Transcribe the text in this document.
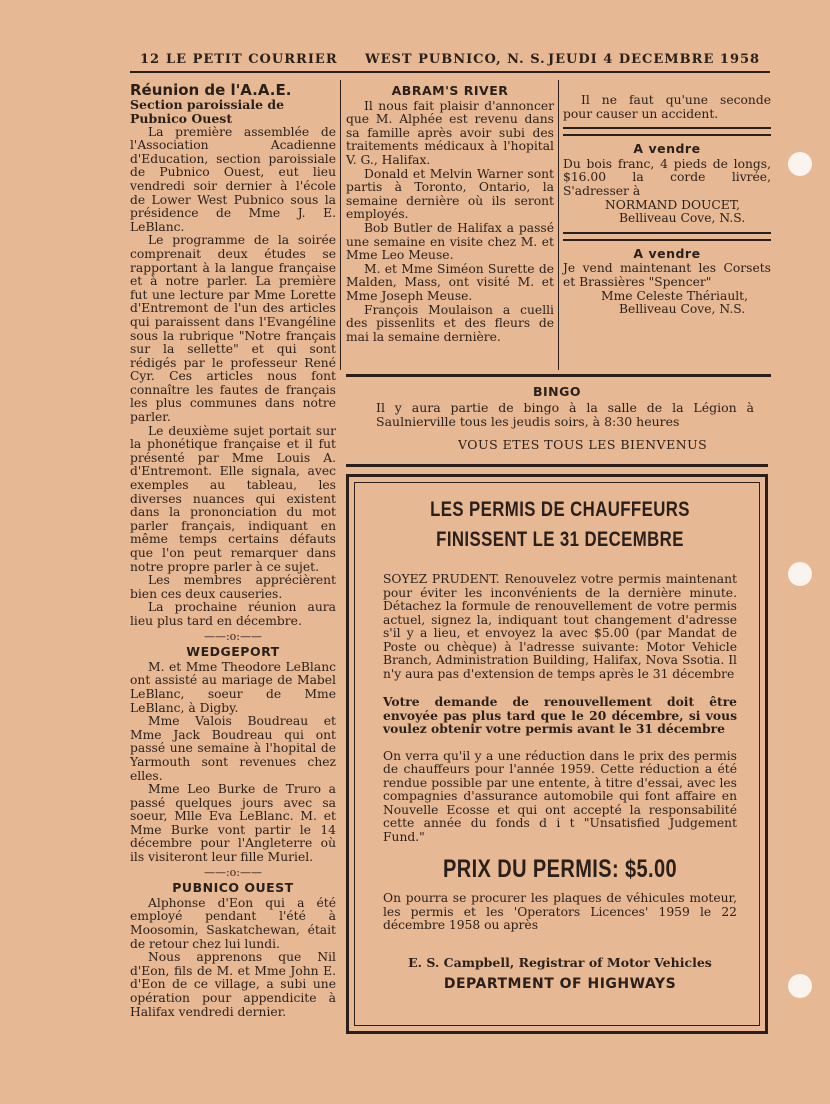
12 LE PETIT COURRIER WEST PUBNICO, N. S. JEUDI 4 DECEMBRE 1958
Réunion de l'A.A.E.
Section paroissiale de Pubnico Ouest

La première assemblée de l'Association Acadienne d'Education, section paroissiale de Pubnico Ouest, eut lieu vendredi soir dernier à l'école de Lower West Pubnico sous la présidence de Mme J. E. LeBlanc.

Le programme de la soirée comprenait deux études se rapportant à la langue française et à notre parler. La première fut une lecture par Mme Lorette d'Entremont de l'un des articles qui paraissent dans l'Evangéline sous la rubrique "Notre français sur la sellette" et qui sont rédigés par le professeur René Cyr. Ces articles nous font connaître les fautes de français les plus communes dans notre parler.

Le deuxième sujet portait sur la phonétique française et il fut présenté par Mme Louis A. d'Entremont. Elle signala, avec exemples au tableau, les diverses nuances qui existent dans la prononciation du mot parler français, indiquant en même temps certains défauts que l'on peut remarquer dans notre propre parler à ce sujet.

Les membres apprécièrent bien ces deux causeries.

La prochaine réunion aura lieu plus tard en décembre.

——:o:——
WEDGEPORT

M. et Mme Theodore LeBlanc ont assisté au mariage de Mabel LeBlanc, soeur de Mme LeBlanc, à Digby.

Mme Valois Boudreau et Mme Jack Boudreau qui ont passé une semaine à l'hopital de Yarmouth sont revenues chez elles.

Mme Leo Burke de Truro a passé quelques jours avec sa soeur, Mlle Eva LeBlanc. M. et Mme Burke vont partir le 14 décembre pour l'Angleterre où ils visiteront leur fille Muriel.

——:o:——
PUBNICO OUEST

Alphonse d'Eon qui a été employé pendant l'été à Moosomin, Saskatchewan, était de retour chez lui lundi.

Nous apprenons que Nil d'Eon, fils de M. et Mme John E. d'Eon de ce village, a subi une opération pour appendicite à Halifax vendredi dernier.

ABRAM'S RIVER

Il nous fait plaisir d'annoncer que M. Alphée est revenu dans sa famille après avoir subi des traitements médicaux à l'hopital V. G., Halifax.

Donald et Melvin Warner sont partis à Toronto, Ontario, la semaine dernière où ils seront employés.

Bob Butler de Halifax a passé une semaine en visite chez M. et Mme Leo Meuse.

M. et Mme Siméon Surette de Malden, Mass, ont visité M. et Mme Joseph Meuse.

François Moulaison a cuelli des pissenlits et des fleurs de mai la semaine dernière.

Il ne faut qu'une seconde pour causer un accident.

A vendre

Du bois franc, 4 pieds de longs, $16.00 la corde livrée, S'adresser à

NORMAND DOUCET,
Belliveau Cove, N.S.
A vendre

Je vend maintenant les Corsets et Brassières "Spencer"

Mme Celeste Thériault,
Belliveau Cove, N.S.
BINGO
Il y aura partie de bingo à la salle de la Légion à Saulnierville tous les jeudis soirs, à 8:30 heures
VOUS ETES TOUS LES BIENVENUS
LES PERMIS DE CHAUFFEURS
FINISSENT LE 31 DECEMBRE

SOYEZ PRUDENT. Renouvelez votre permis maintenant pour éviter les inconvénients de la dernière minute. Détachez la formule de renouvellement de votre permis actuel, signez la, indiquant tout changement d'adresse s'il y a lieu, et envoyez la avec $5.00 (par Mandat de Poste ou chèque) à l'adresse suivante: Motor Vehicle Branch, Administration Building, Halifax, Nova Ssotia. Il n'y aura pas d'extension de temps après le 31 décembre

Votre demande de renouvellement doit être envoyée pas plus tard que le 20 décembre, si vous voulez obtenir votre permis avant le 31 décembre

On verra qu'il y a une réduction dans le prix des permis de chauffeurs pour l'année 1959. Cette réduction a été rendue possible par une entente, à titre d'essai, avec les compagnies d'assurance automobile qui font affaire en Nouvelle Ecosse et qui ont accepté la responsabilité cette année du fonds d i t "Unsatisfied Judgement Fund."

PRIX DU PERMIS: $5.00

On pourra se procurer les plaques de véhicules moteur, les permis et les 'Operators Licences' 1959 le 22 décembre 1958 ou après

E. S. Campbell, Registrar of Motor Vehicles
DEPARTMENT OF HIGHWAYS
